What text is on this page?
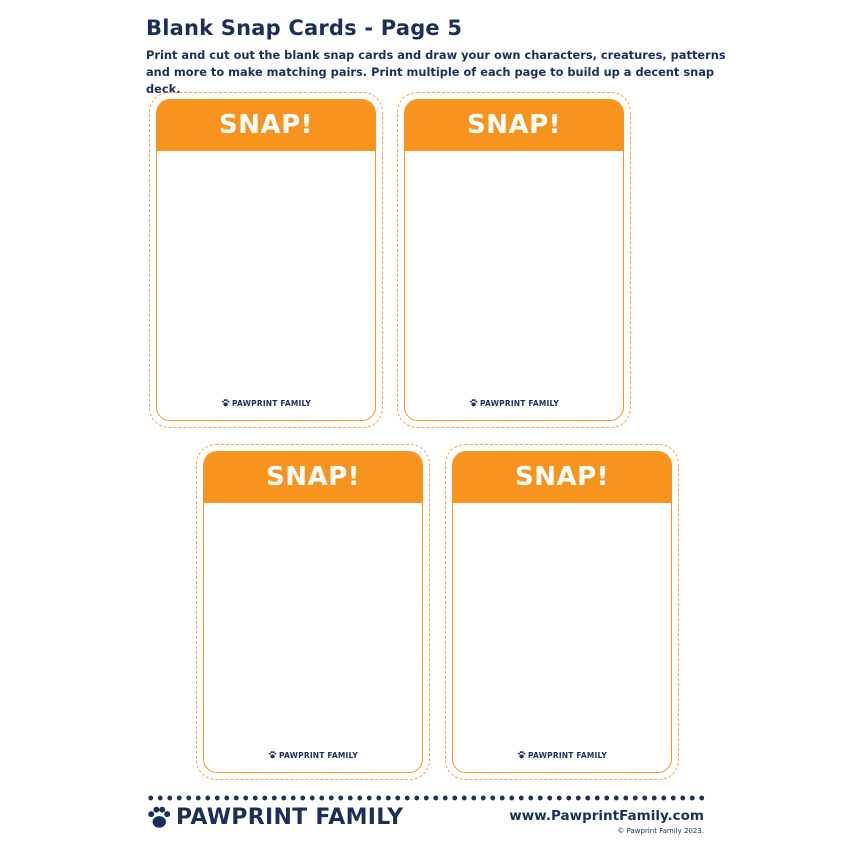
Blank Snap Cards - Page 5

Print and cut out the blank snap cards and draw your own characters, creatures, patterns and more to make matching pairs. Print multiple of each page to build up a decent snap deck.

SNAP!
PAWPRINT FAMILY
SNAP!
PAWPRINT FAMILY
SNAP!
PAWPRINT FAMILY
SNAP!
PAWPRINT FAMILY
PAWPRINT FAMILY	www.PawprintFamily.com
© Pawprint Family 2023.
